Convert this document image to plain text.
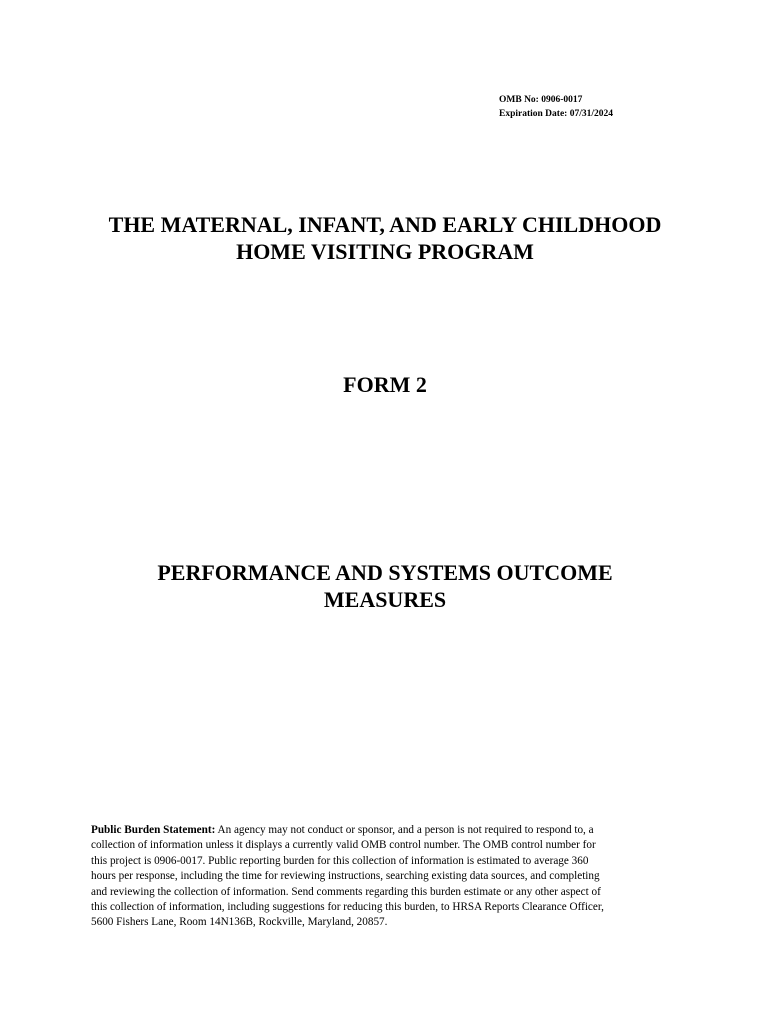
OMB No: 0906-0017
Expiration Date: 07/31/2024
THE MATERNAL, INFANT, AND EARLY CHILDHOOD
HOME VISITING PROGRAM
FORM 2
PERFORMANCE AND SYSTEMS OUTCOME
MEASURES
Public Burden Statement: An agency may not conduct or sponsor, and a person is not required to respond to, a
collection of information unless it displays a currently valid OMB control number. The OMB control number for
this project is 0906-0017. Public reporting burden for this collection of information is estimated to average 360
hours per response, including the time for reviewing instructions, searching existing data sources, and completing
and reviewing the collection of information. Send comments regarding this burden estimate or any other aspect of
this collection of information, including suggestions for reducing this burden, to HRSA Reports Clearance Officer,
5600 Fishers Lane, Room 14N136B, Rockville, Maryland, 20857.
